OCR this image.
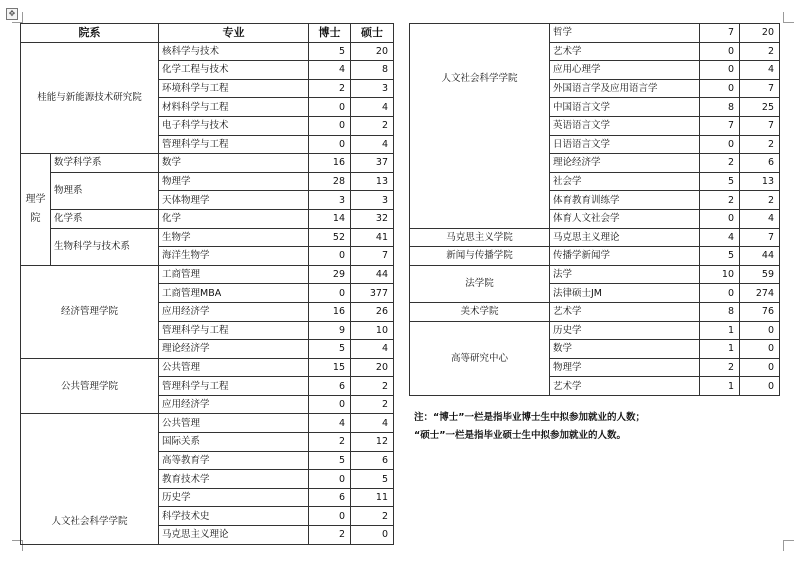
✥
院系		专业	博士	硕士
桂能与新能源技术研究院		核科学与技术	5	20
		化学工程与技术	4	8
		环境科学与工程	2	3
		材料科学与工程	0	4
		电子科学与技术	0	2
		管理科学与工程	0	4
理学院	数学科学系	数学	16	37
	物理系	物理学	28	13
		天体物理学	3	3
	化学系	化学	14	32
	生物科学与技术系	生物学	52	41
		海洋生物学	0	7
经济管理学院		工商管理	29	44
		工商管理MBA	0	377
		应用经济学	16	26
		管理科学与工程	9	10
		理论经济学	5	4
公共管理学院		公共管理	15	20
		管理科学与工程	6	2
		应用经济学	0	2
人文社会科学学院		公共管理	4	4
		国际关系	2	12
		高等教育学	5	6
		教育技术学	0	5
		历史学	6	11
		科学技术史	0	2
		马克思主义理论	2	0
人文社会科学学院	哲学	7	20
	艺术学	0	2
	应用心理学	0	4
	外国语言学及应用语言学	0	7
	中国语言文学	8	25
	英语语言文学	7	7
	日语语言文学	0	2
	理论经济学	2	6
	社会学	5	13
	体育教育训练学	2	2
	体育人文社会学	0	4
马克思主义学院	马克思主义理论	4	7
新闻与传播学院	传播学新闻学	5	44
法学院	法学	10	59
	法律硕士JM	0	274
美术学院	艺术学	8	76
高等研究中心	历史学	1	0
	数学	1	0
	物理学	2	0
	艺术学	1	0
注：“博士”一栏是指毕业博士生中拟参加就业的人数；
“硕士”一栏是指毕业硕士生中拟参加就业的人数。
